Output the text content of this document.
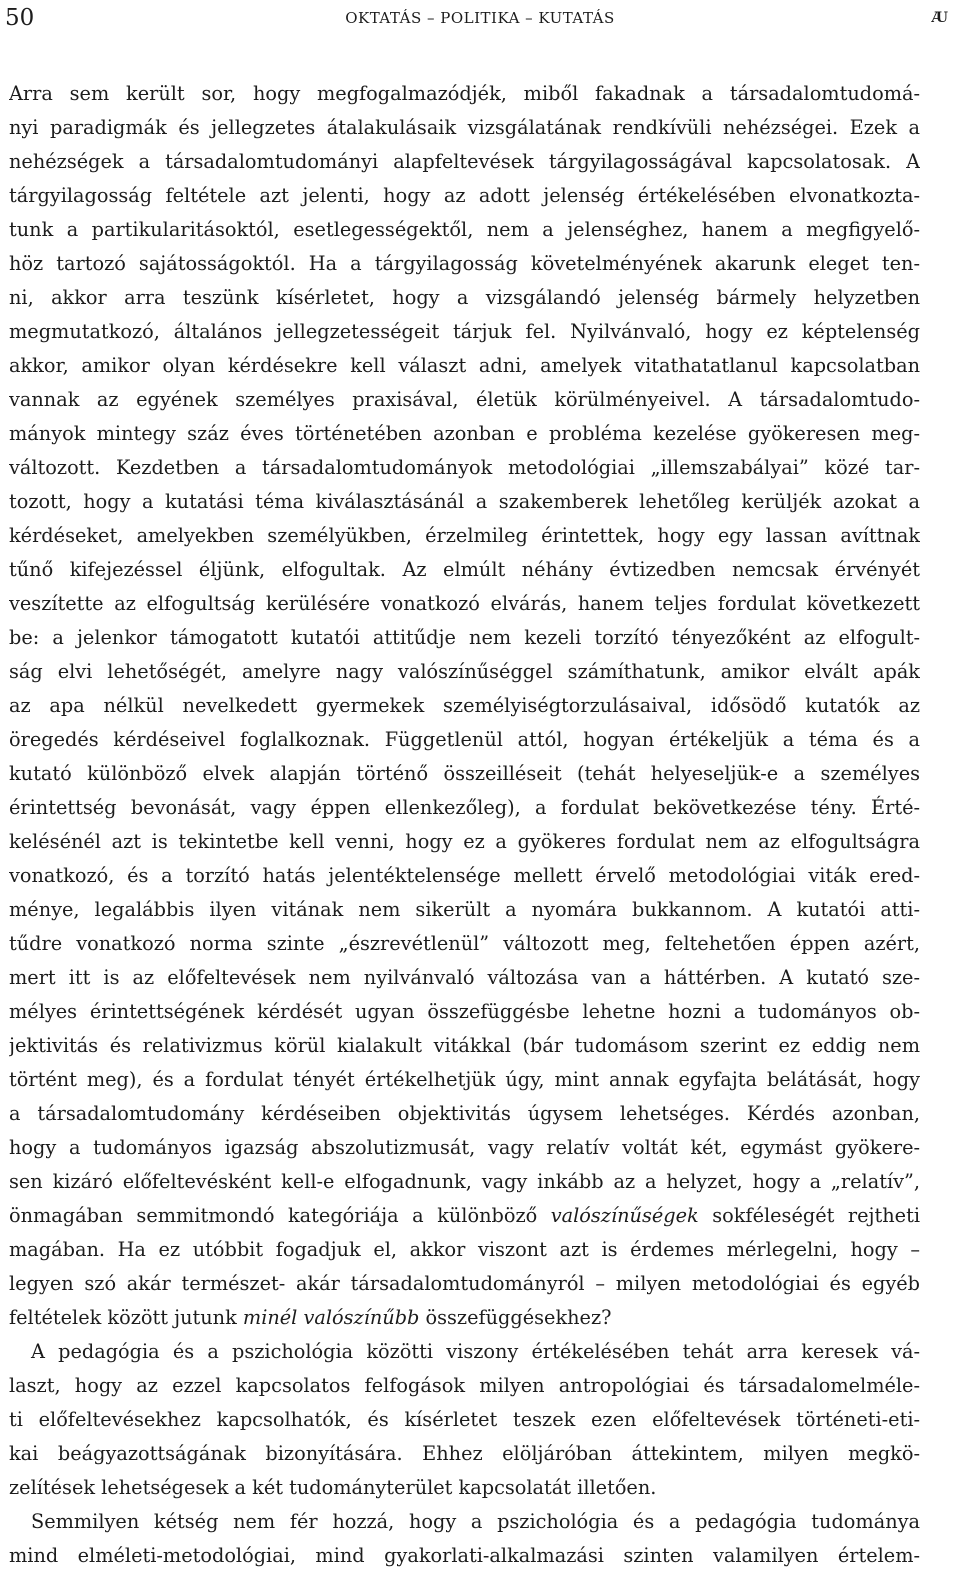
50	OKTATÁS – POLITIKA – KUTATÁS	Ꜷ
Arra sem került sor, hogy megfogalmazódjék, miből fakadnak a társadalomtudomá-
nyi paradigmák és jellegzetes átalakulásaik vizsgálatának rendkívüli nehézségei. Ezek a
nehézségek a társadalomtudományi alapfeltevések tárgyilagosságával kapcsolatosak. A
tárgyilagosság feltétele azt jelenti, hogy az adott jelenség értékelésében elvonatkozta-
tunk a partikularitásoktól, esetlegességektől, nem a jelenséghez, hanem a megfigyelő-
höz tartozó sajátosságoktól. Ha a tárgyilagosság követelményének akarunk eleget ten-
ni, akkor arra teszünk kísérletet, hogy a vizsgálandó jelenség bármely helyzetben
megmutatkozó, általános jellegzetességeit tárjuk fel. Nyilvánvaló, hogy ez képtelenség
akkor, amikor olyan kérdésekre kell választ adni, amelyek vitathatatlanul kapcsolatban
vannak az egyének személyes praxisával, életük körülményeivel. A társadalomtudo-
mányok mintegy száz éves történetében azonban e probléma kezelése gyökeresen meg-
változott. Kezdetben a társadalomtudományok metodológiai „illemszabályai” közé tar-
tozott, hogy a kutatási téma kiválasztásánál a szakemberek lehetőleg kerüljék azokat a
kérdéseket, amelyekben személyükben, érzelmileg érintettek, hogy egy lassan avíttnak
tűnő kifejezéssel éljünk, elfogultak. Az elmúlt néhány évtizedben nemcsak érvényét
veszítette az elfogultság kerülésére vonatkozó elvárás, hanem teljes fordulat következett
be: a jelenkor támogatott kutatói attitűdje nem kezeli torzító tényezőként az elfogult-
ság elvi lehetőségét, amelyre nagy valószínűséggel számíthatunk, amikor elvált apák
az apa nélkül nevelkedett gyermekek személyiségtorzulásaival, idősödő kutatók az
öregedés kérdéseivel foglalkoznak. Függetlenül attól, hogyan értékeljük a téma és a
kutató különböző elvek alapján történő összeilléseit (tehát helyeseljük-e a személyes
érintettség bevonását, vagy éppen ellenkezőleg), a fordulat bekövetkezése tény. Érté-
kelésénél azt is tekintetbe kell venni, hogy ez a gyökeres fordulat nem az elfogultságra
vonatkozó, és a torzító hatás jelentéktelensége mellett érvelő metodológiai viták ered-
ménye, legalábbis ilyen vitának nem sikerült a nyomára bukkannom. A kutatói atti-
tűdre vonatkozó norma szinte „észrevétlenül” változott meg, feltehetően éppen azért,
mert itt is az előfeltevések nem nyilvánvaló változása van a háttérben. A kutató sze-
mélyes érintettségének kérdését ugyan összefüggésbe lehetne hozni a tudományos ob-
jektivitás és relativizmus körül kialakult vitákkal (bár tudomásom szerint ez eddig nem
történt meg), és a fordulat tényét értékelhetjük úgy, mint annak egyfajta belátását, hogy
a társadalomtudomány kérdéseiben objektivitás úgysem lehetséges. Kérdés azonban,
hogy a tudományos igazság abszolutizmusát, vagy relatív voltát két, egymást gyökere-
sen kizáró előfeltevésként kell-e elfogadnunk, vagy inkább az a helyzet, hogy a „relatív”,
önmagában semmitmondó kategóriája a különböző valószínűségek sokféleségét rejtheti
magában. Ha ez utóbbit fogadjuk el, akkor viszont azt is érdemes mérlegelni, hogy –
legyen szó akár természet- akár társadalomtudományról – milyen metodológiai és egyéb
feltételek között jutunk minél valószínűbb összefüggésekhez?
A pedagógia és a pszichológia közötti viszony értékelésében tehát arra keresek vá-
laszt, hogy az ezzel kapcsolatos felfogások milyen antropológiai és társadalomelméle-
ti előfeltevésekhez kapcsolhatók, és kísérletet teszek ezen előfeltevések történeti-eti-
kai beágyazottságának bizonyítására. Ehhez elöljáróban áttekintem, milyen megkö-
zelítések lehetségesek a két tudományterület kapcsolatát illetően.
Semmilyen kétség nem fér hozzá, hogy a pszichológia és a pedagógia tudománya
mind elméleti-metodológiai, mind gyakorlati-alkalmazási szinten valamilyen értelem-
